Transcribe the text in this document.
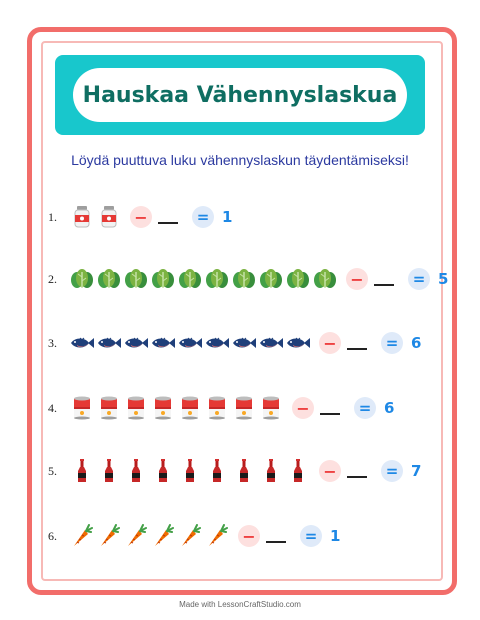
Hauskaa Vähennyslaskua
Löydä puuttuva luku vähennyslaskun täydentämiseksi!
1.	−	= 1
2.	−	= 5
3.	−	= 6
4.	−	= 6
5.	−	= 7
6.	−	= 1
Made with LessonCraftStudio.com
